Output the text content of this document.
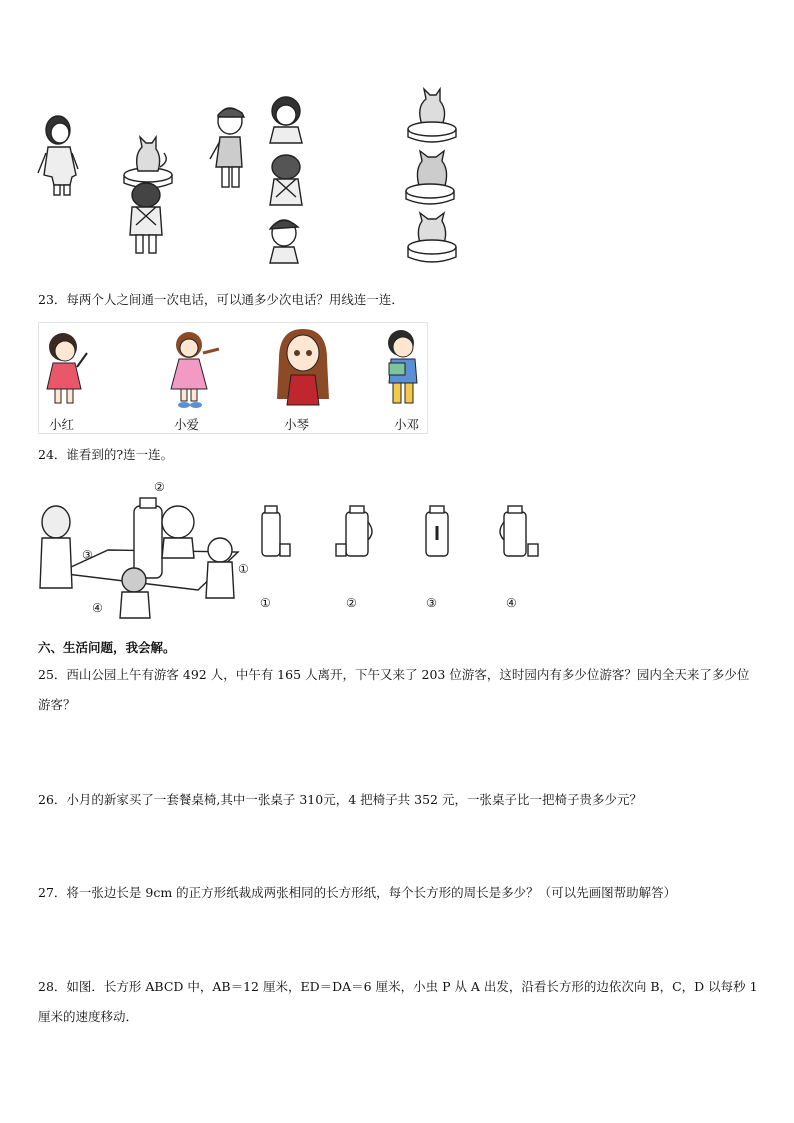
23．每两个人之间通一次电话，可以通多少次电话？用线连一连．
小红	小爱	小琴	小邓
24．谁看到的?连一连。
②
③
①
④	①	②	③	④
六、生活问题，我会解。
25．西山公园上午有游客 492 人，中午有 165 人离开，下午又来了 203 位游客，这时园内有多少位游客？园内全天来了多少位游客？
26．小月的新家买了一套餐桌椅,其中一张桌子 310元，4 把椅子共 352 元，一张桌子比一把椅子贵多少元？
27．将一张边长是 9cm 的正方形纸裁成两张相同的长方形纸，每个长方形的周长是多少？（可以先画图帮助解答）
28．如图．长方形 ABCD 中，AB＝12 厘米，ED＝DA＝6 厘米，小虫 P 从 A 出发，沿看长方形的边依次向 B，C，D 以每秒 1 厘米的速度移动．
